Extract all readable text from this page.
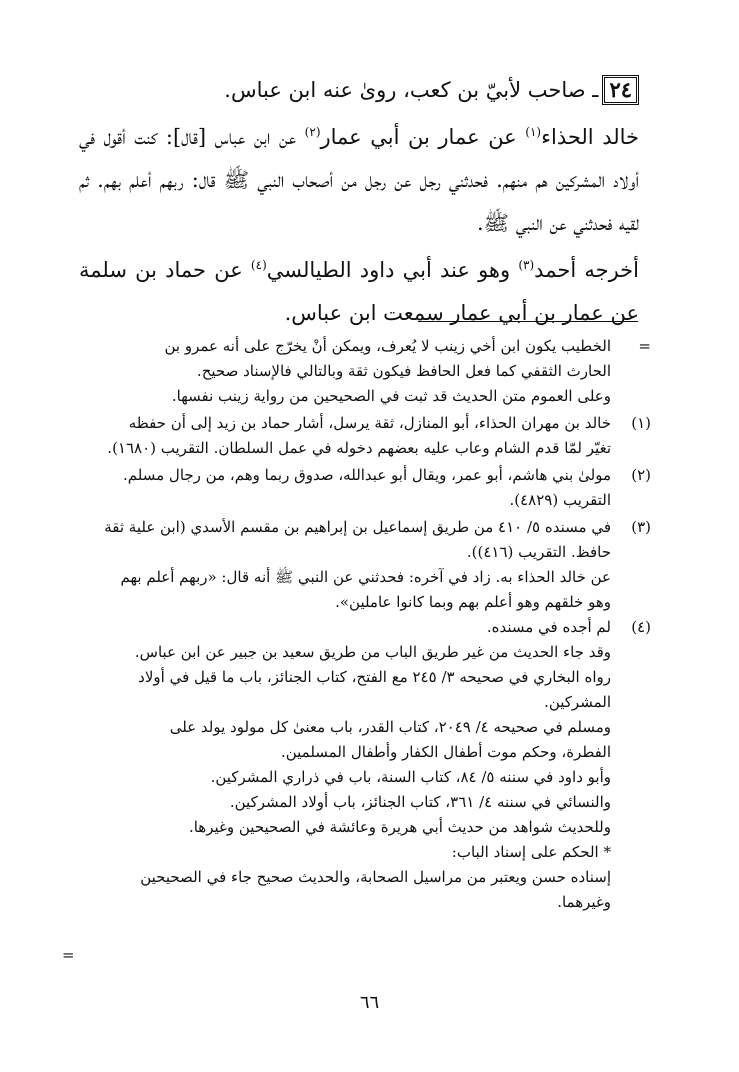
٢٤ـ صاحب لأبيّ بن كعب، رویٰ عنه ابن عباس.

خالد الحذاء$^{(١)}$ عن عمار بن أبي عمار$^{(٢)}$ عن ابن عباس [قال]: كنت أقول في أولاد المشركين هم منهم. فحدثني رجل عن رجل من أصحاب النبي ﷺ قال: ربهم أعلم بهم. ثم لقيه فحدثني عن النبي ﷺ.

أخرجه أحمد$^{(٣)}$ وهو عند أبي داود الطيالسي$^{(٤)}$ عن حماد بن سلمة عن عمار بن أبي عمار سمعت ابن عباس.

=
الخطيب يكون ابن أخي زينب لا يُعرف، ويمكن أنْ يخرّج على أنه عمرو بن
الحارث الثقفي كما فعل الحافظ فيكون ثقة وبالتالي فالإسناد صحيح.
وعلى العموم متن الحديث قد ثبت في الصحيحين من رواية زينب نفسها.
(١)
خالد بن مهران الحذاء، أبو المنازل، ثقة يرسل، أشار حماد بن زيد إلى أن حفظه
تغيّر لمّا قدم الشام وعاب عليه بعضهم دخوله في عمل السلطان. التقريب (١٦٨٠).
(٢)
مولىٰ بني هاشم، أبو عمر، ويقال أبو عبدالله، صدوق ربما وهم، من رجال مسلم.
التقريب (٤٨٢٩).
(٣)
في مسنده ٥/ ٤١٠ من طريق إسماعيل بن إبراهيم بن مقسم الأسدي (ابن علية ثقة
حافظ. التقريب (٤١٦)).
عن خالد الحذاء به. زاد في آخره: فحدثني عن النبي ﷺ أنه قال: «ربهم أعلم بهم
وهو خلقهم وهو أعلم بهم وبما كانوا عاملين».
(٤)
لم أجده في مسنده.
وقد جاء الحديث من غير طريق الباب من طريق سعيد بن جبير عن ابن عباس.
رواه البخاري في صحيحه ٣/ ٢٤٥ مع الفتح، كتاب الجنائز، باب ما قيل في أولاد
المشركين.
ومسلم في صحيحه ٤/ ٢٠٤٩، كتاب القدر، باب معنىٰ كل مولود يولد على
الفطرة، وحكم موت أطفال الكفار وأطفال المسلمين.
وأبو داود في سننه ٥/ ٨٤، كتاب السنة، باب في ذراري المشركين.
والنسائي في سننه ٤/ ٣٦١، كتاب الجنائز، باب أولاد المشركين.
وللحديث شواهد من حديث أبي هريرة وعائشة في الصحيحين وغيرها.
* الحكم على إسناد الباب:
إسناده حسن ويعتبر من مراسيل الصحابة، والحديث صحيح جاء في الصحيحين
وغيرهما.
=
٦٦
